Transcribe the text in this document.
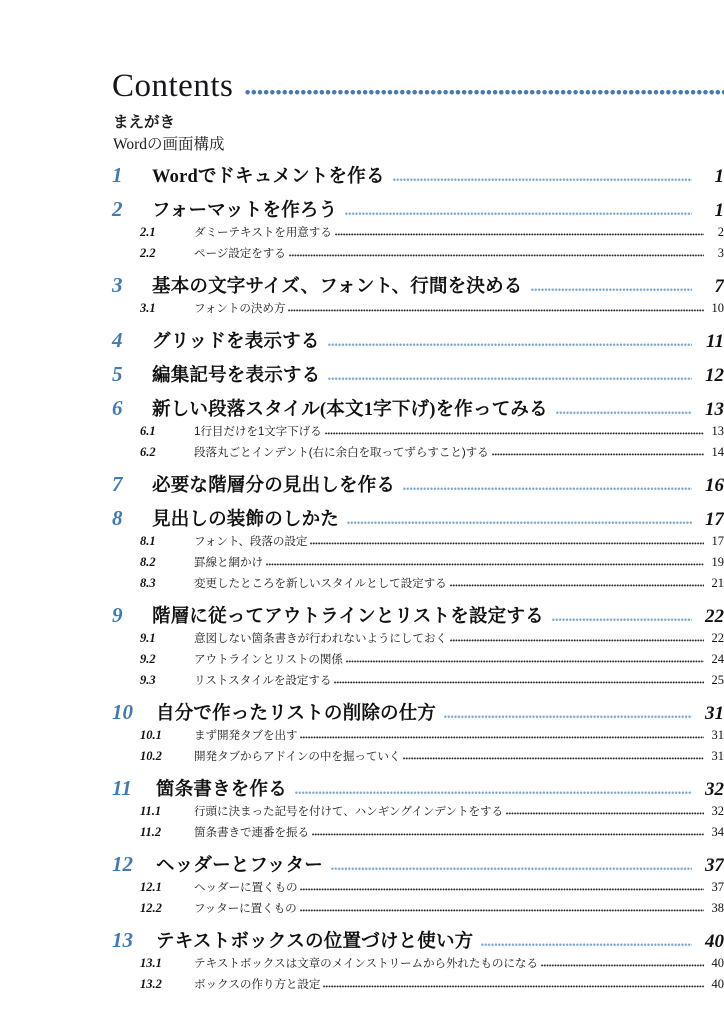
Contents
まえがき
Wordの画面構成
1	Wordでドキュメントを作る	1
2	フォーマットを作ろう	1
2.1	ダミーテキストを用意する	2
2.2	ページ設定をする	3
3	基本の文字サイズ、フォント、行間を決める	7
3.1	フォントの決め方	10
4	グリッドを表示する	11
5	編集記号を表示する	12
6	新しい段落スタイル(本文1字下げ)を作ってみる	13
6.1	1行目だけを1文字下げる	13
6.2	段落丸ごとインデント(右に余白を取ってずらすこと)する	14
7	必要な階層分の見出しを作る	16
8	見出しの装飾のしかた	17
8.1	フォント、段落の設定	17
8.2	罫線と網かけ	19
8.3	変更したところを新しいスタイルとして設定する	21
9	階層に従ってアウトラインとリストを設定する	22
9.1	意図しない箇条書きが行われないようにしておく	22
9.2	アウトラインとリストの関係	24
9.3	リストスタイルを設定する	25
10	自分で作ったリストの削除の仕方	31
10.1	まず開発タブを出す	31
10.2	開発タブからアドインの中を掘っていく	31
11	箇条書きを作る	32
11.1	行頭に決まった記号を付けて、ハンギングインデントをする	32
11.2	箇条書きで連番を振る	34
12	ヘッダーとフッター	37
12.1	ヘッダーに置くもの	37
12.2	フッターに置くもの	38
13	テキストボックスの位置づけと使い方	40
13.1	テキストボックスは文章のメインストリームから外れたものになる	40
13.2	ボックスの作り方と設定	40
